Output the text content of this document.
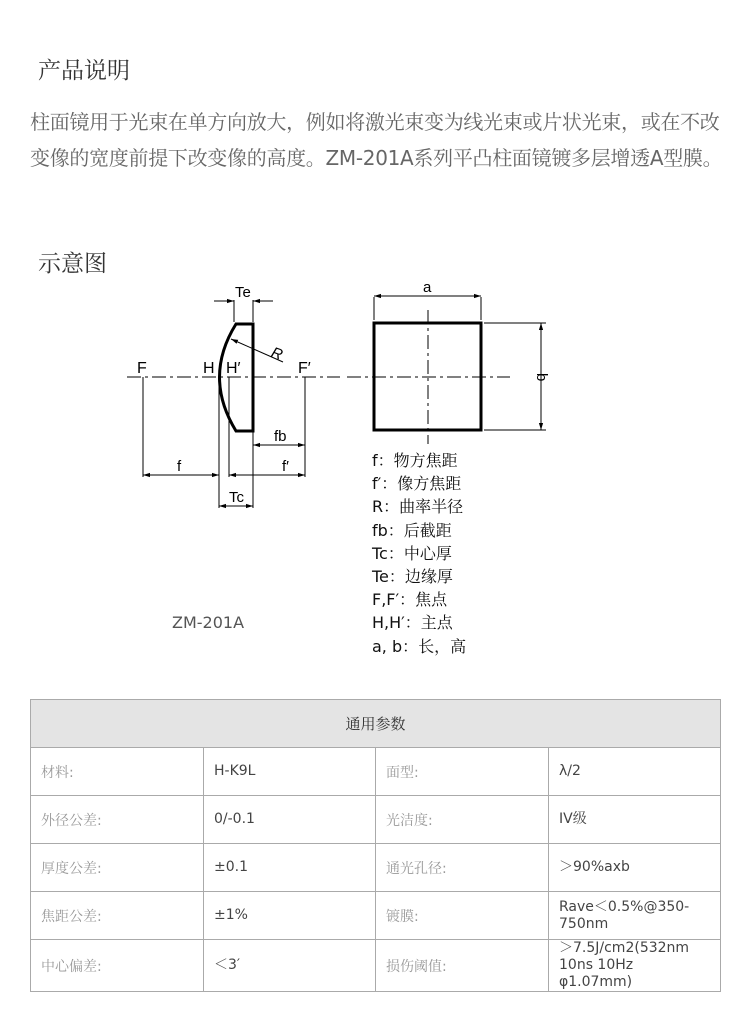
产品说明

柱面镜用于光束在单方向放大，例如将激光束变为线光束或片状光束，或在不改变像的宽度前提下改变像的高度。ZM-201A系列平凸柱面镜镀多层增透A型膜。

示意图
Te
R
F	H H′	F′
fb
f	f′
Tc
a
b
f：物方焦距
f′：像方焦距
R：曲率半径
fb：后截距
Tc：中心厚
Te：边缘厚
F,F′：焦点
H,H′：主点
a, b：长，高
ZM-201A
通用参数			
材料:	H-K9L	面型:	λ/2
外径公差:	0/-0.1	光洁度:	IV级
厚度公差:	±0.1	通光孔径:	＞90%axb
焦距公差:	±1%	镀膜:	Rave＜0.5%@350-750nm
中心偏差:	＜3′	损伤阈值:	＞7.5J/cm2(532nm 10ns 10Hz φ1.07mm)
